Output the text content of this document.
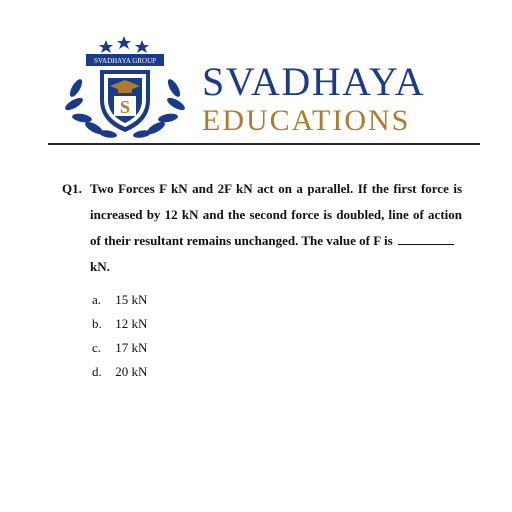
SVADHAYA GROUP
S
SVADHAYA
EDUCATIONS
Q1. Two Forces F kN and 2F kN act on a parallel. If the first force is increased by 12 kN and the second force is doubled, line of action of their resultant remains unchanged. The value of F is
kN.
a. 15 kN
b. 12 kN
c. 17 kN
d. 20 kN
